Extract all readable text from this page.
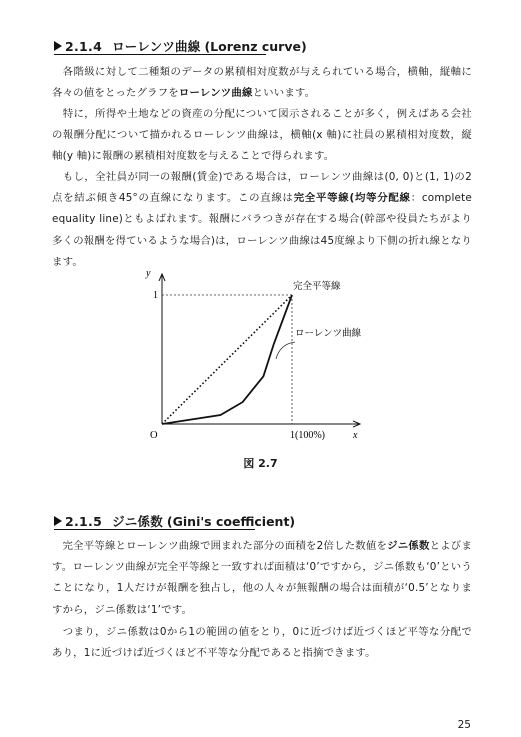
2.1.4 ローレンツ曲線 (Lorenz curve)
各階級に対して二種類のデータの累積相対度数が与えられている場合，横軸，縦軸に各々の値をとったグラフをローレンツ曲線といいます。
特に，所得や土地などの資産の分配について図示されることが多く，例えばある会社の報酬分配について描かれるローレンツ曲線は，横軸(x 軸)に社員の累積相対度数，縦軸(y 軸)に報酬の累積相対度数を与えることで得られます。
もし，全社員が同一の報酬(賃金)である場合は，ローレンツ曲線は(0, 0)と(1, 1)の2点を結ぶ傾き45°の直線になります。この直線は完全平等線(均等分配線：complete equality line)ともよばれます。報酬にバラつきが存在する場合(幹部や役員たちがより多くの報酬を得ているような場合)は，ローレンツ曲線は45度線より下側の折れ線となります。
y
1
O	1(100%)	x
完全平等線
ローレンツ曲線
図 2.7
2.1.5 ジニ係数 (Gini's coefficient)
完全平等線とローレンツ曲線で囲まれた部分の面積を2倍した数値をジニ係数とよびます。ローレンツ曲線が完全平等線と一致すれば面積は‘0’ですから，ジニ係数も‘0’ということになり，1人だけが報酬を独占し，他の人々が無報酬の場合は面積が‘0.5’となりますから，ジニ係数は‘1’です。
つまり，ジニ係数は0から1の範囲の値をとり，0に近づけば近づくほど平等な分配であり，1に近づけば近づくほど不平等な分配であると指摘できます。
25
